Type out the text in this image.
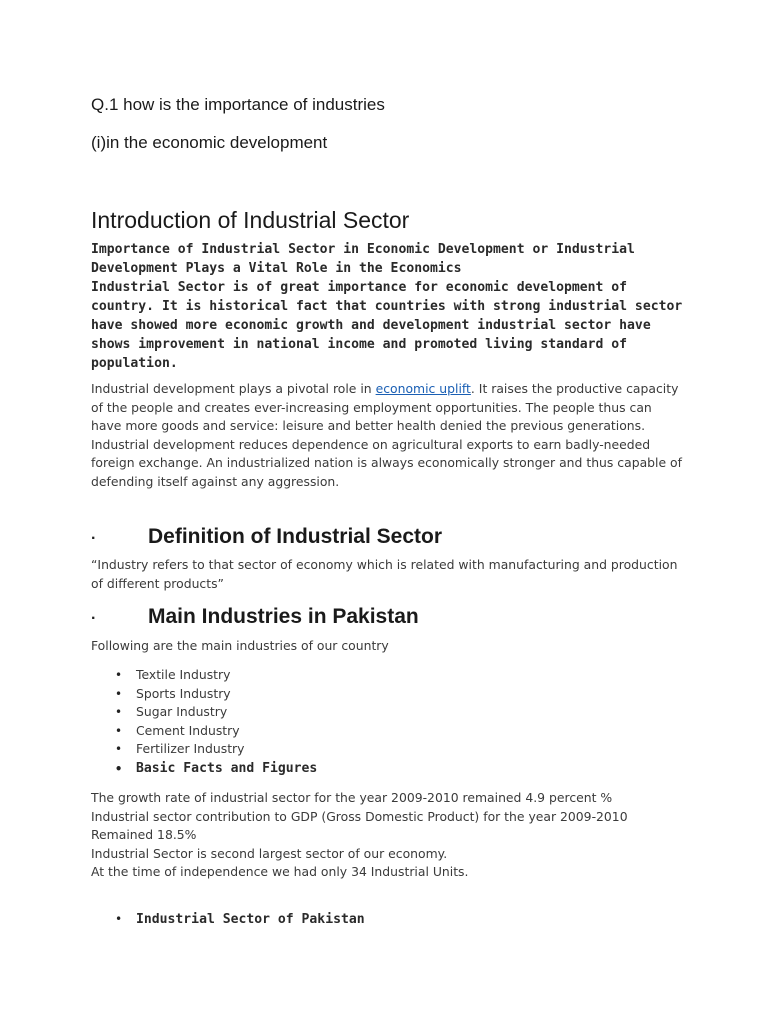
Q.1 how is the importance of industries

(i)in the economic development

Introduction of Industrial Sector

Importance of Industrial Sector in Economic Development or Industrial Development Plays a Vital Role in the Economics

Industrial Sector is of great importance for economic development of country. It is historical fact that countries with strong industrial sector have showed more economic growth and development industrial sector have shows improvement in national income and promoted living standard of population.

Industrial development plays a pivotal role in economic uplift. It raises the productive capacity of the people and creates ever-increasing employment opportunities. The people thus can have more goods and service: leisure and better health denied the previous generations.

Industrial development reduces dependence on agricultural exports to earn badly-needed foreign exchange. An industrialized nation is always economically stronger and thus capable of defending itself against any aggression.

·	Definition of Industrial Sector

“Industry refers to that sector of economy which is related with manufacturing and production of different products”

·	Main Industries in Pakistan

Following are the main industries of our country

• Textile Industry
• Sports Industry
• Sugar Industry
• Cement Industry
• Fertilizer Industry
• Basic Facts and Figures

The growth rate of industrial sector for the year 2009-2010 remained 4.9 percent %

Industrial sector contribution to GDP (Gross Domestic Product) for the year 2009-2010 Remained 18.5%

Industrial Sector is second largest sector of our economy.

At the time of independence we had only 34 Industrial Units.

• Industrial Sector of Pakistan
